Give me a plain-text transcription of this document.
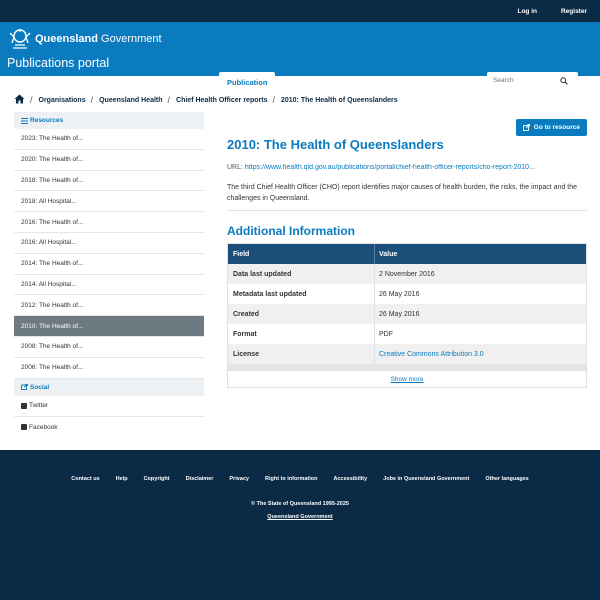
Log in	Register
Queensland Government
Publications portal
Publication	Standards	Organisations	Gazettes	Contact
Search
/ Organisations / Queensland Health / Chief Health Officer reports / 2010: The Health of Queenslanders
Resources
2023: The Health of...
2020: The Health of...
2018: The Health of...
2018: All Hospital...
2016: The Health of...
2016: All Hospital...
2014: The Health of...
2014: All Hospital...
2012: The Health of...
2010: The Health of...
2008: The Health of...
2006: The Health of...
Social
Twitter
Facebook
Go to resource
2010: The Health of Queenslanders
URL: https://www.health.qld.gov.au/publications/portal/chief-health-officer-reports/cho-report-2010...
The third Chief Health Officer (CHO) report identifies major causes of health burden, the risks, the impact and the challenges in Queensland.
Additional Information
Field	Value
Data last updated	2 November 2016
Metadata last updated	26 May 2016
Created	26 May 2016
Format	PDF
License	Creative Commons Attribution 3.0
Show more
Contact us	Help	Copyright	Disclaimer	Privacy	Right to information	Accessibility	Jobs in Queensland Government	Other languages
© The State of Queensland 1995-2025
Queensland Government
